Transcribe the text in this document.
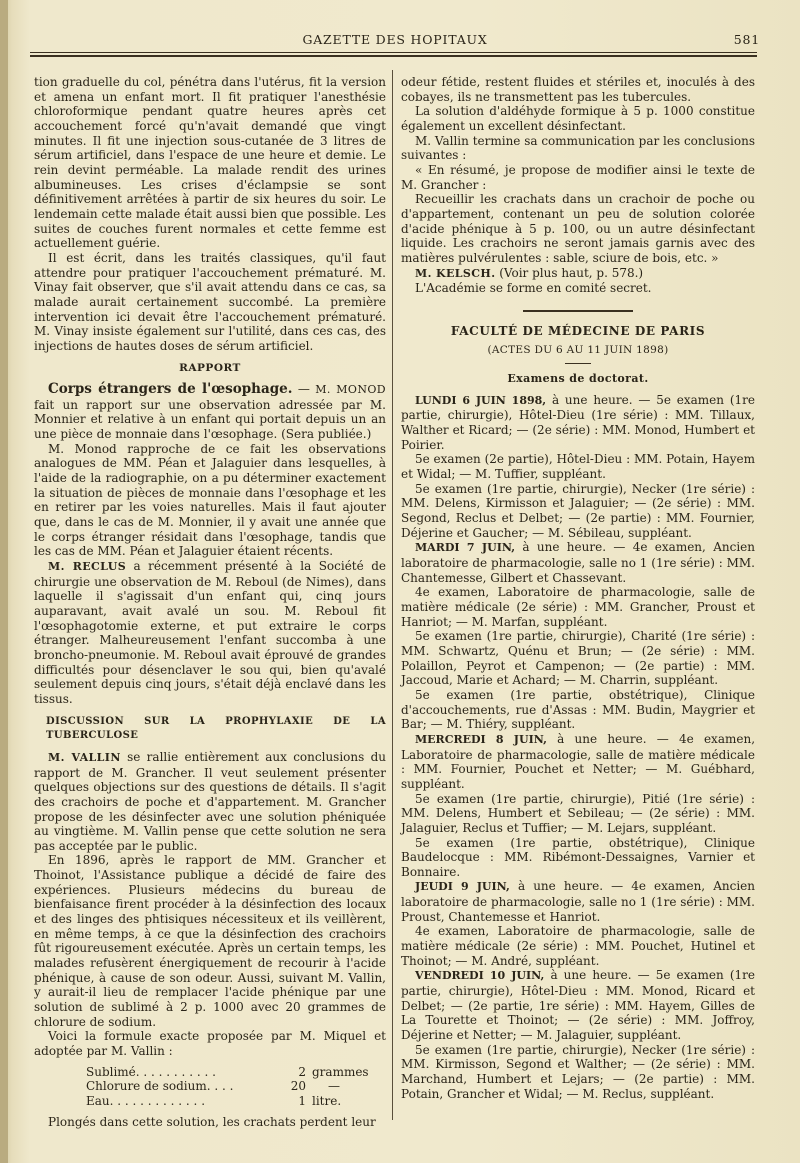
GAZETTE DES HOPITAUX	581

tion graduelle du col, pénétra dans l'utérus, fit la version et amena un enfant mort. Il fit pratiquer l'anesthésie chloroformique pendant quatre heures après cet accouchement forcé qu'n'avait demandé que vingt minutes. Il fit une injection sous-cutanée de 3 litres de sérum artificiel, dans l'espace de une heure et demie. Le rein devint perméable. La malade rendit des urines albumineuses. Les crises d'éclampsie se sont définitivement arrêtées à partir de six heures du soir. Le lendemain cette malade était aussi bien que possible. Les suites de couches furent normales et cette femme est actuellement guérie.

Il est écrit, dans les traités classiques, qu'il faut attendre pour pratiquer l'accouchement prématuré. M. Vinay fait observer, que s'il avait attendu dans ce cas, sa malade aurait certainement succombé. La première intervention ici devait être l'accouchement prématuré. M. Vinay insiste également sur l'utilité, dans ces cas, des injections de hautes doses de sérum artificiel.

RAPPORT

Corps étrangers de l'œsophage. — M. MONOD fait un rapport sur une observation adressée par M. Monnier et relative à un enfant qui portait depuis un an une pièce de monnaie dans l'œsophage. (Sera publiée.)

M. Monod rapproche de ce fait les observations analogues de MM. Péan et Jalaguier dans lesquelles, à l'aide de la radiographie, on a pu déterminer exactement la situation de pièces de monnaie dans l'œsophage et les en retirer par les voies naturelles. Mais il faut ajouter que, dans le cas de M. Monnier, il y avait une année que le corps étranger résidait dans l'œsophage, tandis que les cas de MM. Péan et Jalaguier étaient récents.

M. RECLUS a récemment présenté à la Société de chirurgie une observation de M. Reboul (de Nimes), dans laquelle il s'agissait d'un enfant qui, cinq jours auparavant, avait avalé un sou. M. Reboul fit l'œsophagotomie externe, et put extraire le corps étranger. Malheureusement l'enfant succomba à une broncho-pneumonie. M. Reboul avait éprouvé de grandes difficultés pour désenclaver le sou qui, bien qu'avalé seulement depuis cinq jours, s'était déjà enclavé dans les tissus.

DISCUSSION SUR LA PROPHYLAXIE DE LA TUBERCULOSE

M. VALLIN se rallie entièrement aux conclusions du rapport de M. Grancher. Il veut seulement présenter quelques objections sur des questions de détails. Il s'agit des crachoirs de poche et d'appartement. M. Grancher propose de les désinfecter avec une solution phéniquée au vingtième. M. Vallin pense que cette solution ne sera pas acceptée par le public.

En 1896, après le rapport de MM. Grancher et Thoinot, l'Assistance publique a décidé de faire des expériences. Plusieurs médecins du bureau de bienfaisance firent procéder à la désinfection des locaux et des linges des phtisiques nécessiteux et ils veillèrent, en même temps, à ce que la désinfection des crachoirs fût rigoureusement exécutée. Après un certain temps, les malades refusèrent énergiquement de recourir à l'acide phénique, à cause de son odeur. Aussi, suivant M. Vallin, y aurait-il lieu de remplacer l'acide phénique par une solution de sublimé à 2 p. 1000 avec 20 grammes de chlorure de sodium.

Voici la formule exacte proposée par M. Miquel et adoptée par M. Vallin :

Sublimé. . . . . . . . . . .	2 grammes
Chlorure de sodium. . . .	20	—
Eau. . . . . . . . . . . . .	1 litre.

Plongés dans cette solution, les crachats perdent leur

odeur fétide, restent fluides et stériles et, inoculés à des cobayes, ils ne transmettent pas les tubercules.

La solution d'aldéhyde formique à 5 p. 1000 constitue également un excellent désinfectant.

M. Vallin termine sa communication par les conclusions suivantes :

« En résumé, je propose de modifier ainsi le texte de M. Grancher :

Recueillir les crachats dans un crachoir de poche ou d'appartement, contenant un peu de solution colorée d'acide phénique à 5 p. 100, ou un autre désinfectant liquide. Les crachoirs ne seront jamais garnis avec des matières pulvérulentes : sable, sciure de bois, etc. »

M. KELSCH. (Voir plus haut, p. 578.)

L'Académie se forme en comité secret.

FACULTÉ DE MÉDECINE DE PARIS
(ACTES DU 6 AU 11 JUIN 1898)
Examens de doctorat.

LUNDI 6 JUIN 1898, à une heure. — 5e examen (1re partie, chirurgie), Hôtel-Dieu (1re série) : MM. Tillaux, Walther et Ricard; — (2e série) : MM. Monod, Humbert et Poirier.

5e examen (2e partie), Hôtel-Dieu : MM. Potain, Hayem et Widal; — M. Tuffier, suppléant.

5e examen (1re partie, chirurgie), Necker (1re série) : MM. Delens, Kirmisson et Jalaguier; — (2e série) : MM. Segond, Reclus et Delbet; — (2e partie) : MM. Fournier, Déjerine et Gaucher; — M. Sébileau, suppléant.

MARDI 7 JUIN, à une heure. — 4e examen, Ancien laboratoire de pharmacologie, salle no 1 (1re série) : MM. Chantemesse, Gilbert et Chassevant.

4e examen, Laboratoire de pharmacologie, salle de matière médicale (2e série) : MM. Grancher, Proust et Hanriot; — M. Marfan, suppléant.

5e examen (1re partie, chirurgie), Charité (1re série) : MM. Schwartz, Quénu et Brun; — (2e série) : MM. Polaillon, Peyrot et Campenon; — (2e partie) : MM. Jaccoud, Marie et Achard; — M. Charrin, suppléant.

5e examen (1re partie, obstétrique), Clinique d'accouchements, rue d'Assas : MM. Budin, Maygrier et Bar; — M. Thiéry, suppléant.

MERCREDI 8 JUIN, à une heure. — 4e examen, Laboratoire de pharmacologie, salle de matière médicale : MM. Fournier, Pouchet et Netter; — M. Guébhard, suppléant.

5e examen (1re partie, chirurgie), Pitié (1re série) : MM. Delens, Humbert et Sebileau; — (2e série) : MM. Jalaguier, Reclus et Tuffier; — M. Lejars, suppléant.

5e examen (1re partie, obstétrique), Clinique Baudelocque : MM. Ribémont-Dessaignes, Varnier et Bonnaire.

JEUDI 9 JUIN, à une heure. — 4e examen, Ancien laboratoire de pharmacologie, salle no 1 (1re série) : MM. Proust, Chantemesse et Hanriot.

4e examen, Laboratoire de pharmacologie, salle de matière médicale (2e série) : MM. Pouchet, Hutinel et Thoinot; — M. André, suppléant.

VENDREDI 10 JUIN, à une heure. — 5e examen (1re partie, chirurgie), Hôtel-Dieu : MM. Monod, Ricard et Delbet; — (2e partie, 1re série) : MM. Hayem, Gilles de La Tourette et Thoinot; — (2e série) : MM. Joffroy, Déjerine et Netter; — M. Jalaguier, suppléant.

5e examen (1re partie, chirurgie), Necker (1re série) : MM. Kirmisson, Segond et Walther; — (2e série) : MM. Marchand, Humbert et Lejars; — (2e partie) : MM. Potain, Grancher et Widal; — M. Reclus, suppléant.
